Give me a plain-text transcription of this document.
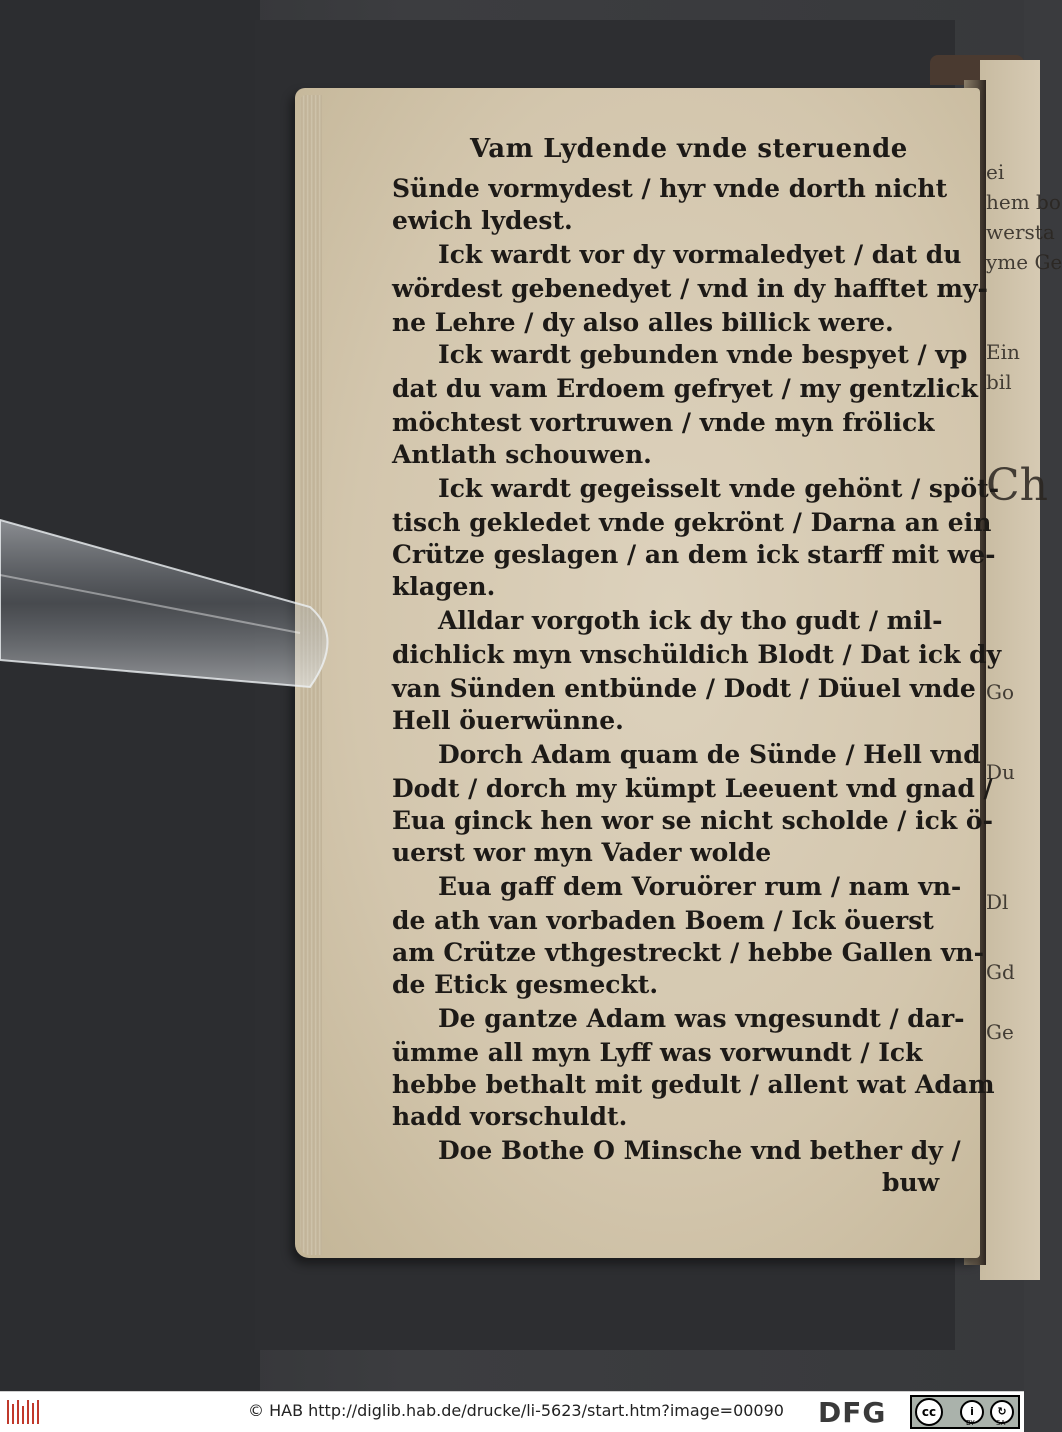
ei
hem bo
wersta
yme Ge
Ein
bil
Ch
Go
Du
Dl
Gd
Ge
Vam Lydende vnde steruende
Sünde vormydest / hyr vnde dorth nicht
ewich lydest.
Ick wardt vor dy vormaledyet / dat du
wördest gebenedyet / vnd in dy hafftet my-
ne Lehre / dy also alles billick were.
Ick wardt gebunden vnde bespyet / vp
dat du vam Erdoem gefryet / my gentzlick
möchtest vortruwen / vnde myn frölick
Antlath schouwen.
Ick wardt gegeisselt vnde gehönt / spöt-
tisch gekledet vnde gekrönt / Darna an ein
Crütze geslagen / an dem ick starff mit we-
klagen.
Alldar vorgoth ick dy tho gudt / mil-
dichlick myn vnschüldich Blodt / Dat ick dy
van Sünden entbünde / Dodt / Düuel vnde
Hell öuerwünne.
Dorch Adam quam de Sünde / Hell vnd
Dodt / dorch my kümpt Leeuent vnd gnad /
Eua ginck hen wor se nicht scholde / ick ö-
uerst wor myn Vader wolde
Eua gaff dem Voruörer rum / nam vn-
de ath van vorbaden Boem / Ick öuerst
am Crütze vthgestreckt / hebbe Gallen vn-
de Etick gesmeckt.
De gantze Adam was vngesundt / dar-
ümme all myn Lyff was vorwundt / Ick
hebbe bethalt mit gedult / allent wat Adam
hadd vorschuldt.
Doe Bothe O Minsche vnd bether dy /
buw
© HAB http://diglib.hab.de/drucke/li-5623/start.htm?image=00090 DFG	cc	i	↻
BY	SA
